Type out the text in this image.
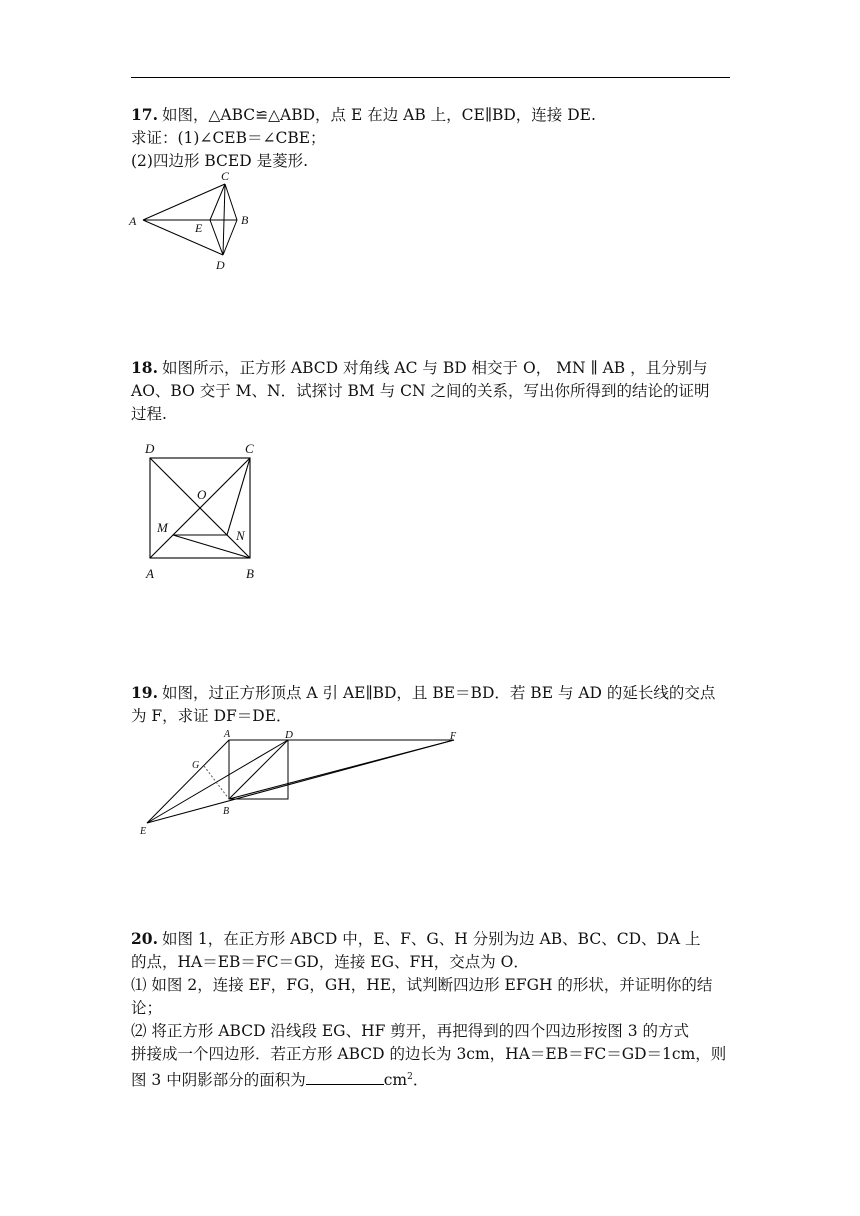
17. 如图，△ABC≌△ABD，点 E 在边 AB 上，CE∥BD，连接 DE.
求证：(1)∠CEB＝∠CBE；
(2)四边形 BCED 是菱形.
A	B
C
D
E
18. 如图所示，正方形 ABCD 对角线 AC 与 BD 相交于 O， MN ∥ AB ，且分别与
AO、BO 交于 M、N．试探讨 BM 与 CN 之间的关系，写出你所得到的结论的证明
过程.
D	C
A	B
O
M
N
19. 如图，过正方形顶点 A 引 AE∥BD，且 BE＝BD．若 BE 与 AD 的延长线的交点
为 F，求证 DF＝DE．
A	D	F
G
B
E
20. 如图 1，在正方形 ABCD 中，E、F、G、H 分别为边 AB、BC、CD、DA 上
的点，HA＝EB＝FC＝GD，连接 EG、FH，交点为 O．
⑴ 如图 2，连接 EF，FG，GH，HE，试判断四边形 EFGH 的形状，并证明你的结
论；
⑵ 将正方形 ABCD 沿线段 EG、HF 剪开，再把得到的四个四边形按图 3 的方式
拼接成一个四边形．若正方形 ABCD 的边长为 3cm，HA＝EB＝FC＝GD＝1cm，则
图 3 中阴影部分的面积为	$cm^2$．
